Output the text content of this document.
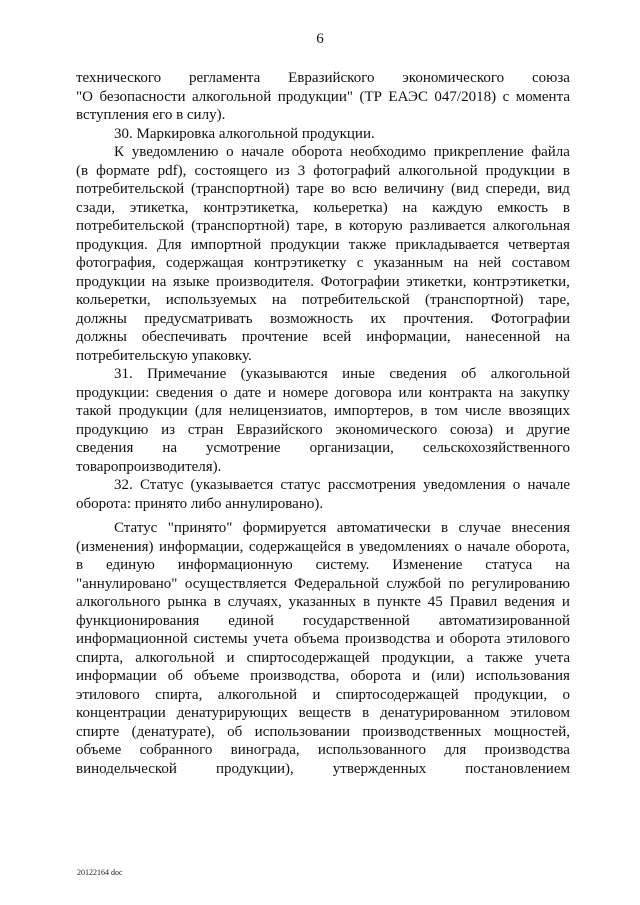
6
технического регламента Евразийского экономического союза
"О безопасности алкогольной продукции" (ТР ЕАЭС 047/2018) с момента
вступления его в силу).
30. Маркировка алкогольной продукции.
К уведомлению о начале оборота необходимо прикрепление файла
(в формате pdf), состоящего из 3 фотографий алкогольной продукции в
потребительской (транспортной) таре во всю величину (вид спереди, вид
сзади, этикетка, контрэтикетка, кольеретка) на каждую емкость в
потребительской (транспортной) таре, в которую разливается алкогольная
продукция. Для импортной продукции также прикладывается четвертая
фотография, содержащая контрэтикетку с указанным на ней составом
продукции на языке производителя. Фотографии этикетки, контрэтикетки,
кольеретки, используемых на потребительской (транспортной) таре,
должны предусматривать возможность их прочтения. Фотографии
должны обеспечивать прочтение всей информации, нанесенной на
потребительскую упаковку.
31. Примечание (указываются иные сведения об алкогольной
продукции: сведения о дате и номере договора или контракта на закупку
такой продукции (для нелицензиатов, импортеров, в том числе ввозящих
продукцию из стран Евразийского экономического союза) и другие
сведения на усмотрение организации, сельскохозяйственного
товаропроизводителя).
32. Статус (указывается статус рассмотрения уведомления о начале
оборота: принято либо аннулировано).
Статус "принято" формируется автоматически в случае внесения
(изменения) информации, содержащейся в уведомлениях о начале оборота,
в единую информационную систему. Изменение статуса на
"аннулировано" осуществляется Федеральной службой по регулированию
алкогольного рынка в случаях, указанных в пункте 45 Правил ведения и
функционирования единой государственной автоматизированной
информационной системы учета объема производства и оборота этилового
спирта, алкогольной и спиртосодержащей продукции, а также учета
информации об объеме производства, оборота и (или) использования
этилового спирта, алкогольной и спиртосодержащей продукции, о
концентрации денатурирующих веществ в денатурированном этиловом
спирте (денатурате), об использовании производственных мощностей,
объеме собранного винограда, использованного для производства
винодельческой	продукции),	утвержденных	постановлением
20122164 doc
